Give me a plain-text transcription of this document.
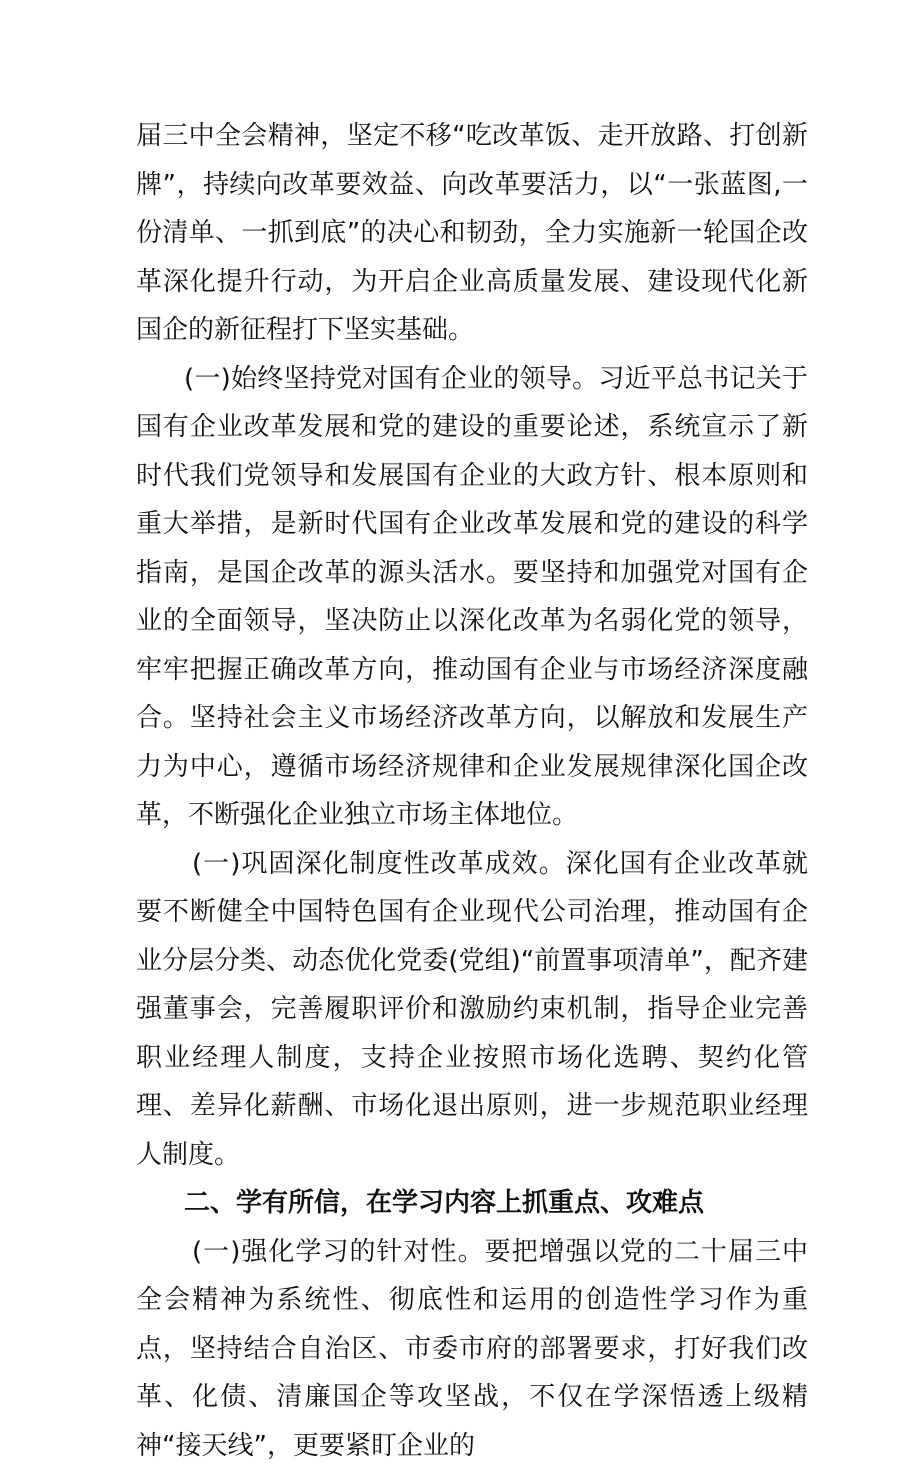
届三中全会精神，坚定不移“吃改革饭、走开放路、打创新牌”，持续向改革要效益、向改革要活力，以“一张蓝图,一份清单、一抓到底”的决心和韧劲，全力实施新一轮国企改革深化提升行动，为开启企业高质量发展、建设现代化新国企的新征程打下坚实基础。

(一)始终坚持党对国有企业的领导。习近平总书记关于国有企业改革发展和党的建设的重要论述，系统宣示了新时代我们党领导和发展国有企业的大政方针、根本原则和重大举措，是新时代国有企业改革发展和党的建设的科学指南，是国企改革的源头活水。要坚持和加强党对国有企业的全面领导，坚决防止以深化改革为名弱化党的领导，牢牢把握正确改革方向，推动国有企业与市场经济深度融合。坚持社会主义市场经济改革方向，以解放和发展生产力为中心，遵循市场经济规律和企业发展规律深化国企改革，不断强化企业独立市场主体地位。

(一)巩固深化制度性改革成效。深化国有企业改革就要不断健全中国特色国有企业现代公司治理，推动国有企业分层分类、动态优化党委(党组)“前置事项清单”，配齐建强董事会，完善履职评价和激励约束机制，指导企业完善职业经理人制度，支持企业按照市场化选聘、契约化管理、差异化薪酬、市场化退出原则，进一步规范职业经理人制度。

二、学有所信，在学习内容上抓重点、攻难点

(一)强化学习的针对性。要把增强以党的二十届三中全会精神为系统性、彻底性和运用的创造性学习作为重点，坚持结合自治区、市委市府的部署要求，打好我们改革、化债、清廉国企等攻坚战，不仅在学深悟透上级精神“接天线”，更要紧盯企业的
